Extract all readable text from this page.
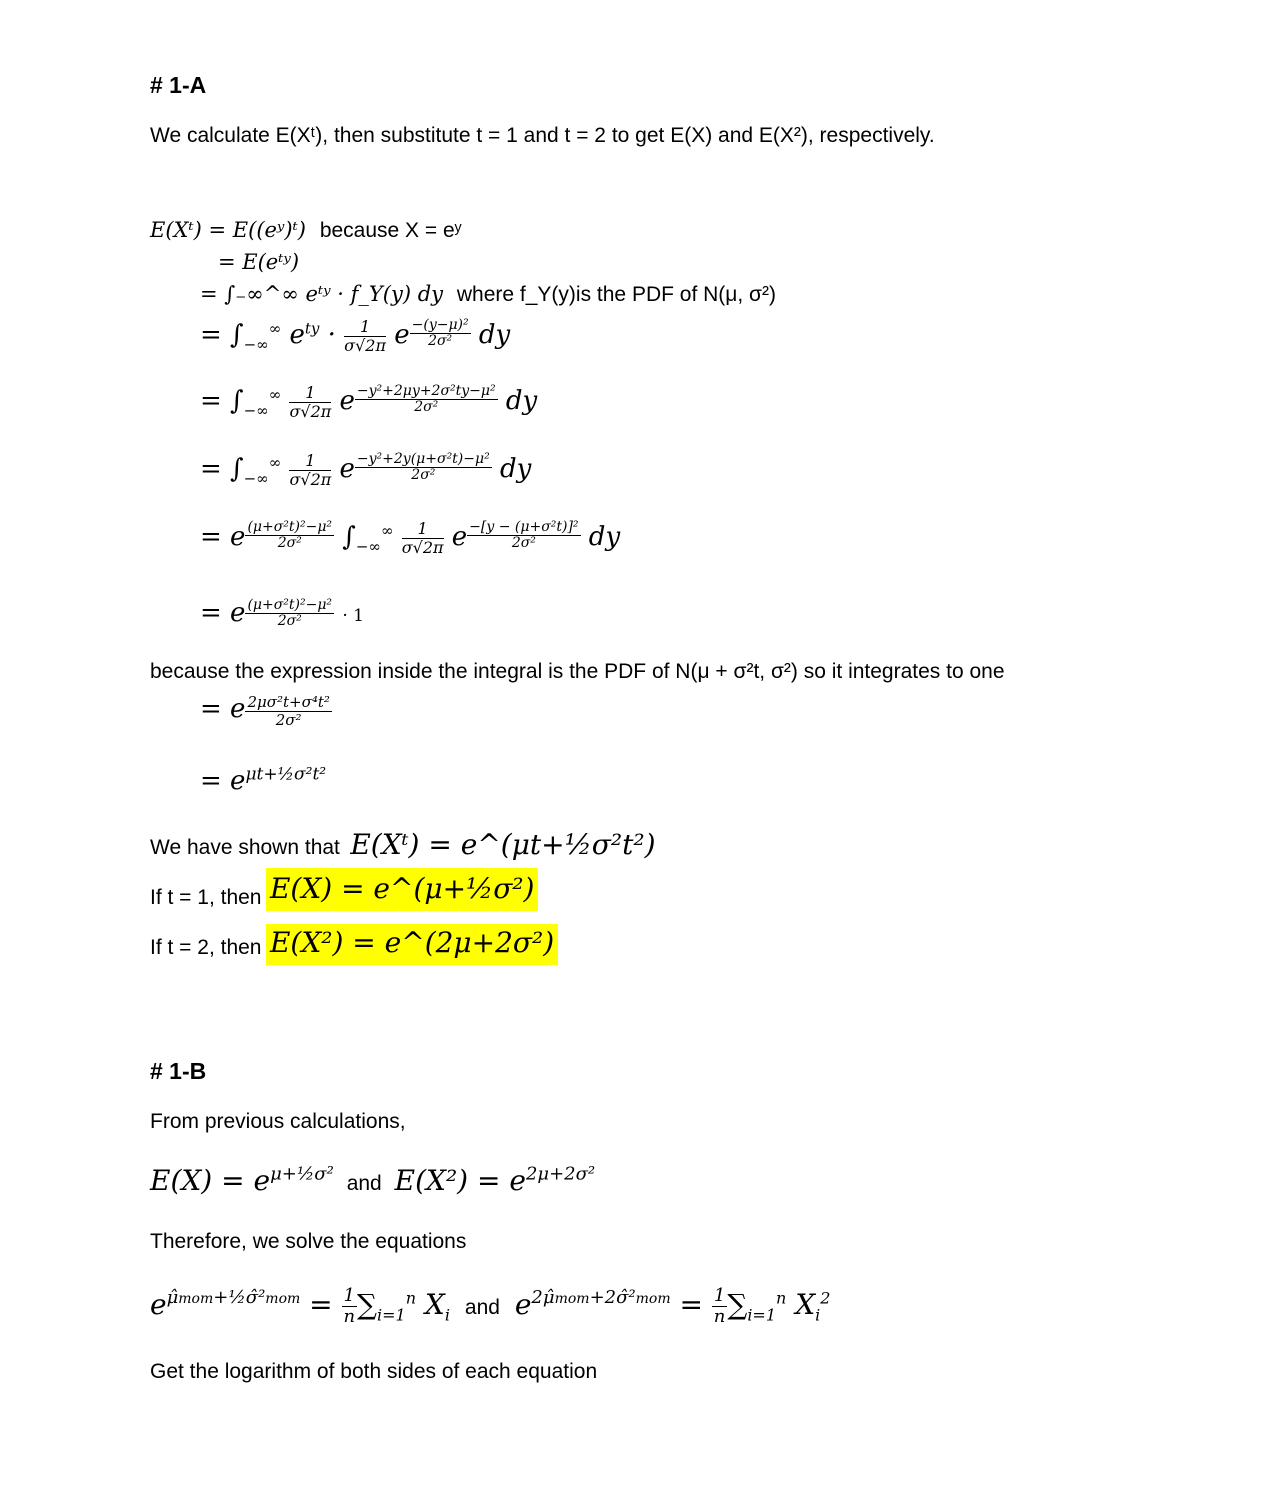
# 1-A
We calculate E(Xᵗ), then substitute t = 1 and t = 2 to get E(X) and E(X²), respectively.
E(Xᵗ) = E((eʸ)ᵗ) because X = eʸ
= E(eᵗʸ)
= ∫₋∞^∞ eᵗʸ · f_Y(y) dy where f_Y(y)is the PDF of N(μ, σ²)
= $\int_{-\infty}^\infty$ $e^{ty} \cdot \frac{1}{\sigma√2\pi}$ e $^{\frac{\text{−(y−μ)²}}{\text{2σ²}}}$ dy
= $\int_{-\infty}^\infty \frac{1}{\sigma√2\pi}$ e $^{\frac{\text{−y²+2μy+2σ²ty−μ²}}{\text{2σ²}}}$ dy
= $\int_{-\infty}^\infty \frac{1}{\sigma√2\pi}$ e $^{\frac{\text{−y²+2y(μ+σ²t)−μ²}}{\text{2σ²}}}$ dy
= e $^{\frac{\text{(μ+σ²t)²−μ²}}{\text{2σ²}}}$ $\int_{-\infty}^\infty \frac{1}{\sigma√2\pi}$ e $^{\frac{\text{−[y − (μ+σ²t)]²}}{\text{2σ²}}}$ dy
= e $^{\frac{\text{(μ+σ²t)²−μ²}}{\text{2σ²}}}$ · 1
because the expression inside the integral is the PDF of N(μ + σ²t, σ²) so it integrates to one
= e $^{\frac{\text{2μσ²t+σ⁴t²}}{\text{2σ²}}}$
= $e^{\mu t+\frac{1}{2}\sigma^2t^2}$
We have shown that E(Xᵗ) = e^(μt+½σ²t²)
If t = 1, then E(X) = e^(μ+½σ²)
If t = 2, then E(X²) = e^(2μ+2σ²)
# 1-B
From previous calculations,
$E(X) = e^{\mu+\frac{1}{2}\sigma^2}$ and $E(X^2) = e^{2\mu+2\sigma^2}$
Therefore, we solve the equations
$e^{\mûmom+\frac{1}{2}\sigmâ^2mom} = \frac{1}{n} \sum_{i=1}^n$ $X_i$ and $e^{2\mûmom+2\sigmâ^2mom} = \frac{1}{n} \sum_{i=1}^n$ $X_i^2$
Get the logarithm of both sides of each equation
